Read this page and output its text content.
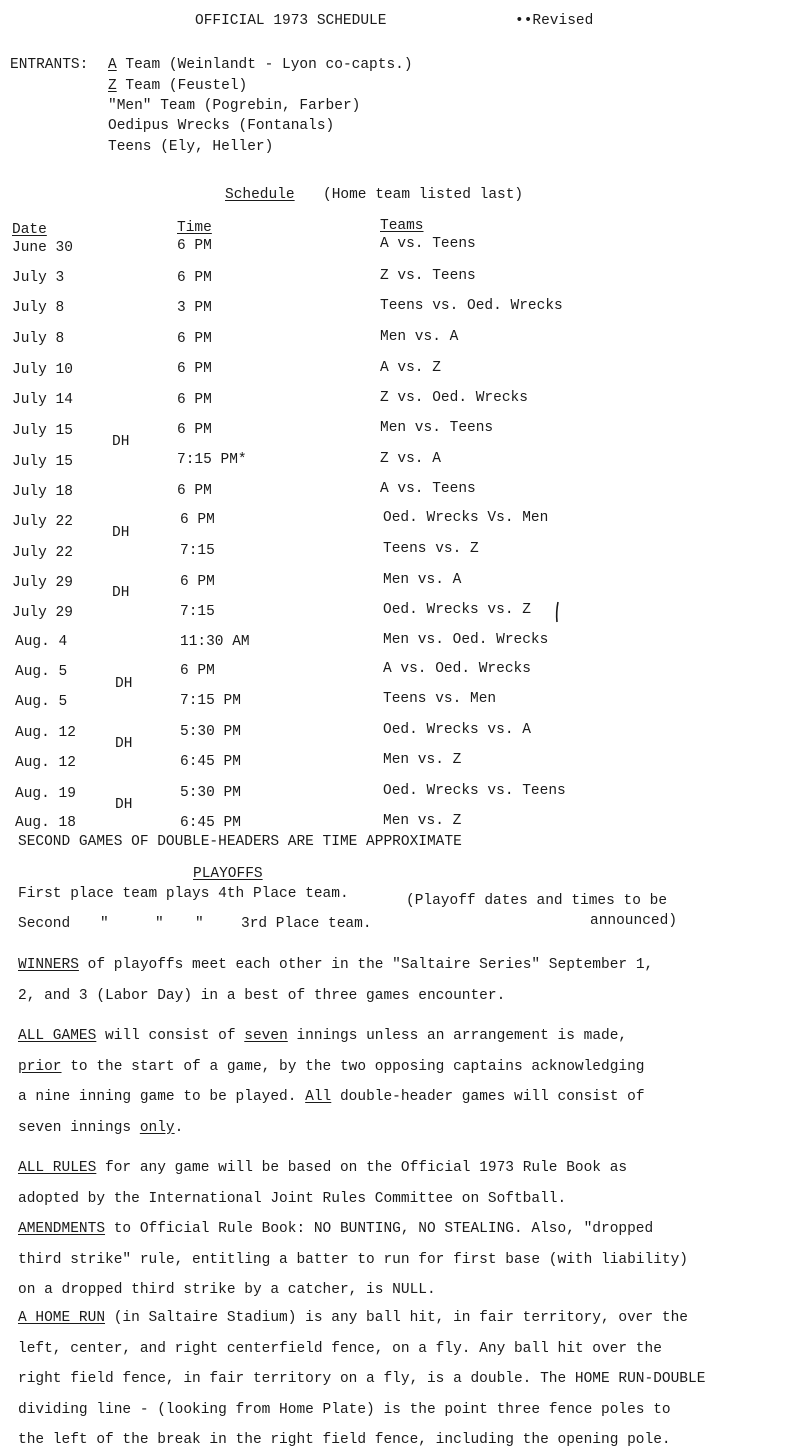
OFFICIAL 1973 SCHEDULE	••Revised
ENTRANTS: A Team (Weinlandt - Lyon co-capts.)
Z Team (Feustel)
"Men" Team (Pogrebin, Farber)
Oedipus Wrecks (Fontanals)
Teens (Ely, Heller)
Schedule (Home team listed last)
Date	Time	Teams
June 30	6 PM	A vs. Teens
July 3	6 PM	Z vs. Teens
July 8	3 PM	Teens vs. Oed. Wrecks
July 8	6 PM	Men vs. A
July 10	6 PM	A vs. Z
July 14	6 PM	Z vs. Oed. Wrecks
July 15	6 PM	Men vs. Teens
July 15	7:15 PM*	Z vs. A
July 18	6 PM	A vs. Teens
July 22	6 PM	Oed. Wrecks Vs. Men
July 22	7:15	Teens vs. Z
July 29	6 PM	Men vs. A
July 29	7:15	Oed. Wrecks vs. Z
Aug. 4	11:30 AM	Men vs. Oed. Wrecks
Aug. 5	6 PM	A vs. Oed. Wrecks
Aug. 5	7:15 PM	Teens vs. Men
Aug. 12	5:30 PM	Oed. Wrecks vs. A
Aug. 12	6:45 PM	Men vs. Z
Aug. 19	5:30 PM	Oed. Wrecks vs. Teens
Aug. 18	6:45 PM	Men vs. Z
DH
DH
DH
DH
DH
DH
SECOND GAMES OF DOUBLE-HEADERS ARE TIME APPROXIMATE
PLAYOFFS
First place team plays 4th Place team.
Second "	" "	3rd Place team.
(Playoff dates and times to be
announced)
WINNERS of playoffs meet each other in the "Saltaire Series" September 1,
2, and 3 (Labor Day) in a best of three games encounter.
ALL GAMES will consist of seven innings unless an arrangement is made,
prior to the start of a game, by the two opposing captains acknowledging
a nine inning game to be played. All double-header games will consist of
seven innings only.
ALL RULES for any game will be based on the Official 1973 Rule Book as
adopted by the International Joint Rules Committee on Softball.
AMENDMENTS to Official Rule Book: NO BUNTING, NO STEALING. Also, "dropped
third strike" rule, entitling a batter to run for first base (with liability)
on a dropped third strike by a catcher, is NULL.
A HOME RUN (in Saltaire Stadium) is any ball hit, in fair territory, over the
left, center, and right centerfield fence, on a fly. Any ball hit over the
right field fence, in fair territory on a fly, is a double. The HOME RUN-DOUBLE
dividing line - (looking from Home Plate) is the point three fence poles to
the left of the break in the right field fence, including the opening pole.
